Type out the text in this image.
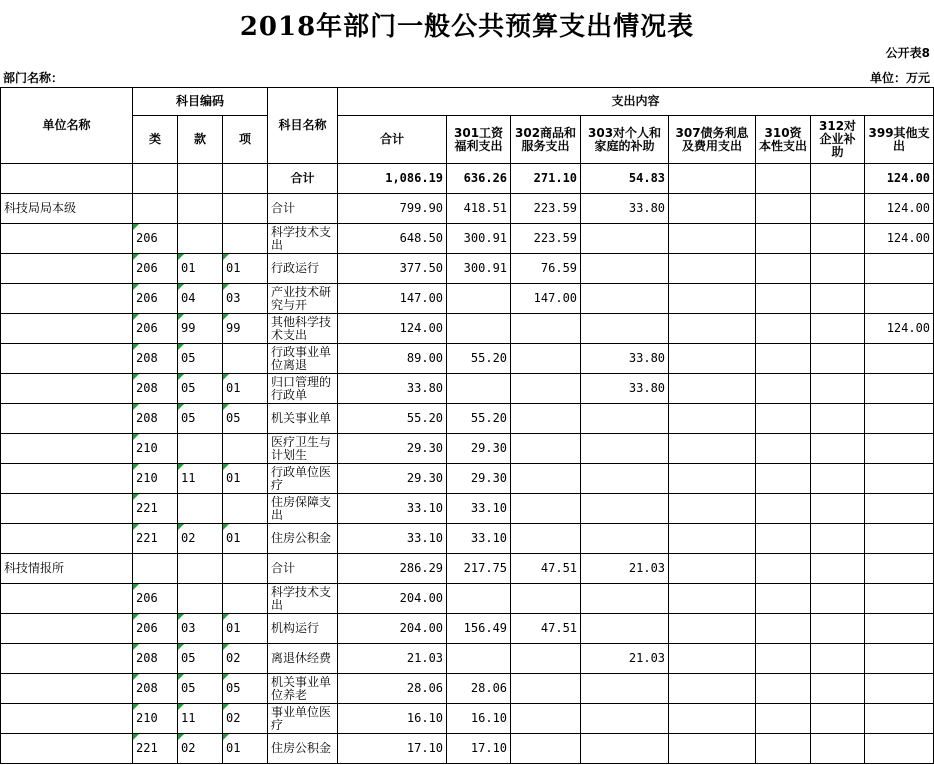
2018年部门一般公共预算支出情况表
公开表8
部门名称：	单位：万元
单位名称	科目编码			科目名称	支出内容							
	类	款	项		合计	301工资福利支出	302商品和服务支出	303对个人和家庭的补助	307债务利息及费用支出	310资本性支出	312对企业补助	399其他支出

				合计	1,086.19	636.26	271.10	54.83				124.00
科技局局本级				合计	799.90	418.51	223.59	33.80				124.00
	206			科学技术支出	648.50	300.91	223.59					124.00
	206	01	01	行政运行	377.50	300.91	76.59					
	206	04	03	产业技术研究与开	147.00		147.00					
	206	99	99	其他科学技术支出	124.00							124.00
	208	05		行政事业单位离退	89.00	55.20		33.80				
	208	05	01	归口管理的行政单	33.80			33.80				
	208	05	05	机关事业单	55.20	55.20						
	210			医疗卫生与计划生	29.30	29.30						
	210	11	01	行政单位医疗	29.30	29.30						
	221			住房保障支出	33.10	33.10						
	221	02	01	住房公积金	33.10	33.10						
科技情报所				合计	286.29	217.75	47.51	21.03				
	206			科学技术支出	204.00							
	206	03	01	机构运行	204.00	156.49	47.51					
	208	05	02	离退休经费	21.03			21.03				
	208	05	05	机关事业单位养老	28.06	28.06						
	210	11	02	事业单位医疗	16.10	16.10						
	221	02	01	住房公积金	17.10	17.10						
